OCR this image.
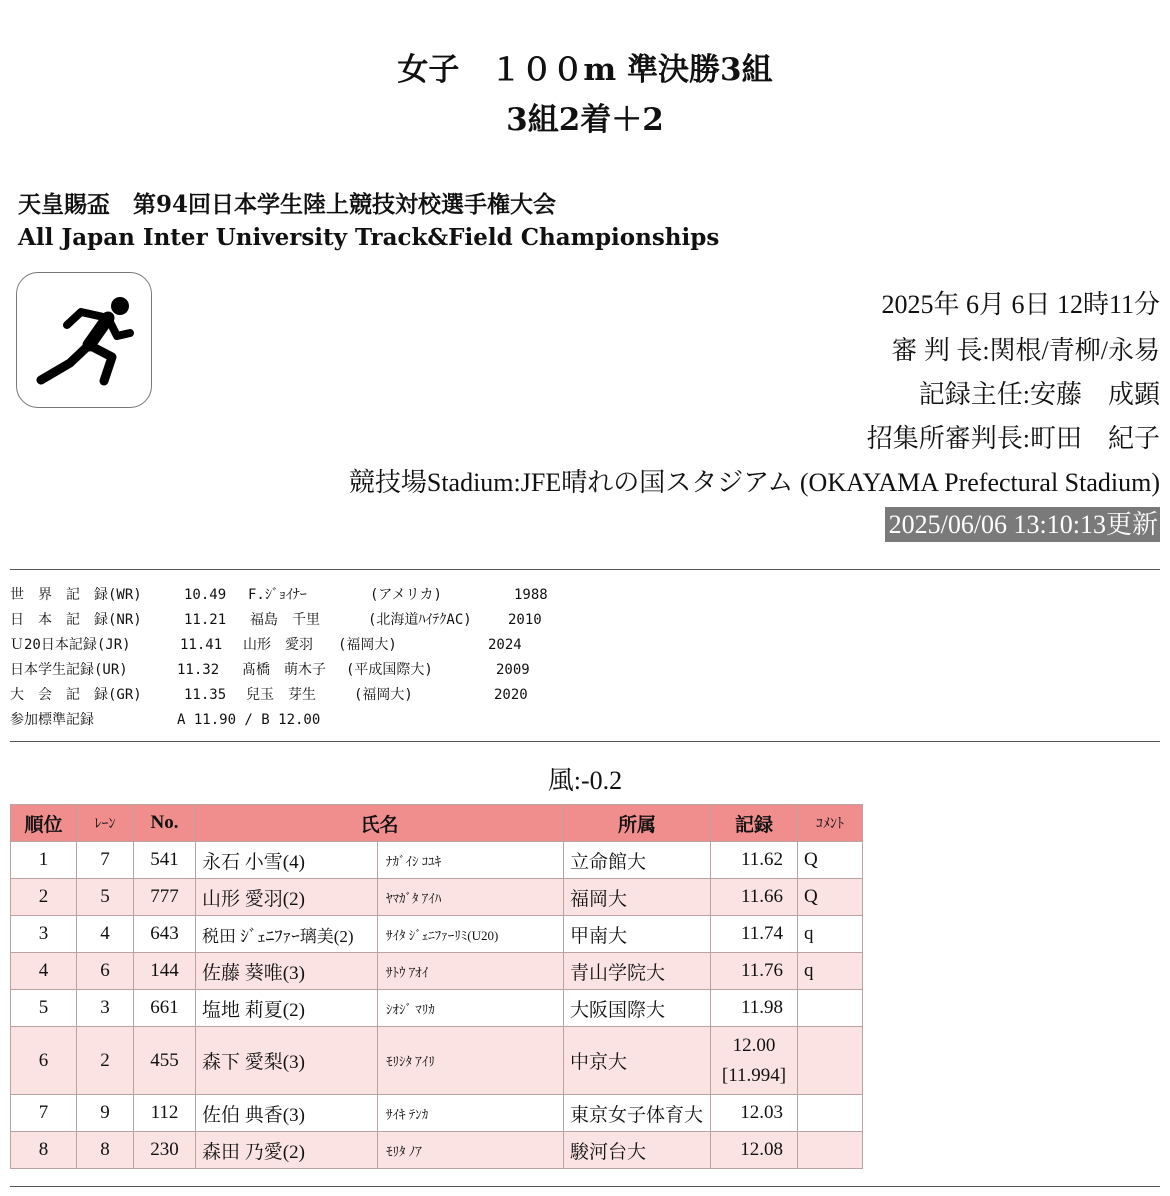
女子　１００m 準決勝3組
3組2着＋2
天皇賜盃　第94回日本学生陸上競技対校選手権大会
All Japan Inter University Track&Field Championships
2025年 6月 6日 12時11分
審 判 長:関根/青柳/永易
記録主任:安藤　成顕
招集所審判長:町田　紀子
競技場Stadium:JFE晴れの国スタジアム (OKAYAMA Prefectural Stadium)
2025/06/06 13:10:13更新
世　界　記　録(WR)	10.49 F.ｼﾞｮｲﾅｰ	(アメリカ)	1988
日　本　記　録(NR)	11.21 福島　千里	(北海道ﾊｲﾃｸAC)	2010
Ｕ20日本記録(JR)	11.41 山形　愛羽 (福岡大)	2024
日本学生記録(UR)	11.32 髙橋　萌木子 (平成国際大)	2009
大　会　記　録(GR)	11.35 兒玉　芽生	(福岡大)	2020
参加標準記録	A 11.90 / B 12.00
風:-0.2
順位	ﾚｰﾝ	No.	氏名		所属	記録	ｺﾒﾝﾄ
1	7	541	永石 小雪(4)	ﾅｶﾞｲｼ ｺﾕｷ	立命館大	11.62	Q
2	5	777	山形 愛羽(2)	ﾔﾏｶﾞﾀ ｱｲﾊ	福岡大	11.66	Q
3	4	643	税田 ｼﾞｪﾆﾌｧｰ璃美(2)	ｻｲﾀ ｼﾞｪﾆﾌｧｰﾘﾐ(U20)	甲南大	11.74	q
4	6	144	佐藤 葵唯(3)	ｻﾄｳ ｱｵｲ	青山学院大	11.76	q
5	3	661	塩地 莉夏(2)	ｼｵｼﾞ ﾏﾘｶ	大阪国際大	11.98	
6	2	455	森下 愛梨(3)	ﾓﾘｼﾀ ｱｲﾘ	中京大	12.00
[11.994]	

7	9	112	佐伯 典香(3)	ｻｲｷ ﾃﾝｶ	東京女子体育大	12.03	
8	8	230	森田 乃愛(2)	ﾓﾘﾀ ﾉｱ	駿河台大	12.08	
